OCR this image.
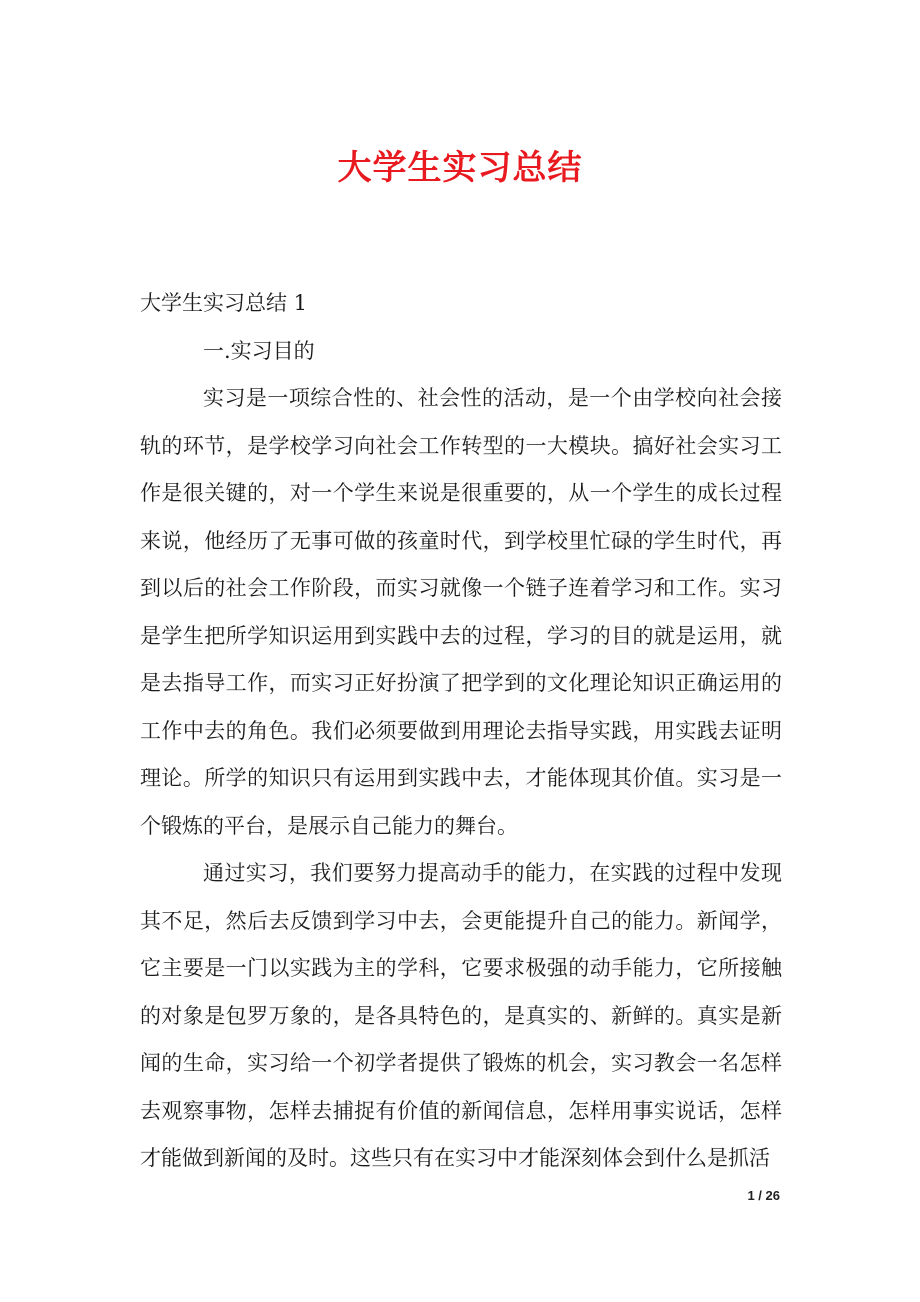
大学生实习总结

大学生实习总结 1

一.实习目的

实习是一项综合性的、社会性的活动，是一个由学校向社会接轨的环节，是学校学习向社会工作转型的一大模块。搞好社会实习工作是很关键的，对一个学生来说是很重要的，从一个学生的成长过程来说，他经历了无事可做的孩童时代，到学校里忙碌的学生时代，再到以后的社会工作阶段，而实习就像一个链子连着学习和工作。实习是学生把所学知识运用到实践中去的过程，学习的目的就是运用，就是去指导工作，而实习正好扮演了把学到的文化理论知识正确运用的工作中去的角色。我们必须要做到用理论去指导实践，用实践去证明理论。所学的知识只有运用到实践中去，才能体现其价值。实习是一个锻炼的平台，是展示自己能力的舞台。

通过实习，我们要努力提高动手的能力，在实践的过程中发现其不足，然后去反馈到学习中去，会更能提升自己的能力。新闻学，它主要是一门以实践为主的学科，它要求极强的动手能力，它所接触的对象是包罗万象的，是各具特色的，是真实的、新鲜的。真实是新闻的生命，实习给一个初学者提供了锻炼的机会，实习教会一名怎样去观察事物，怎样去捕捉有价值的新闻信息，怎样用事实说话，怎样才能做到新闻的及时。这些只有在实习中才能深刻体会到什么是抓活

1 / 26
